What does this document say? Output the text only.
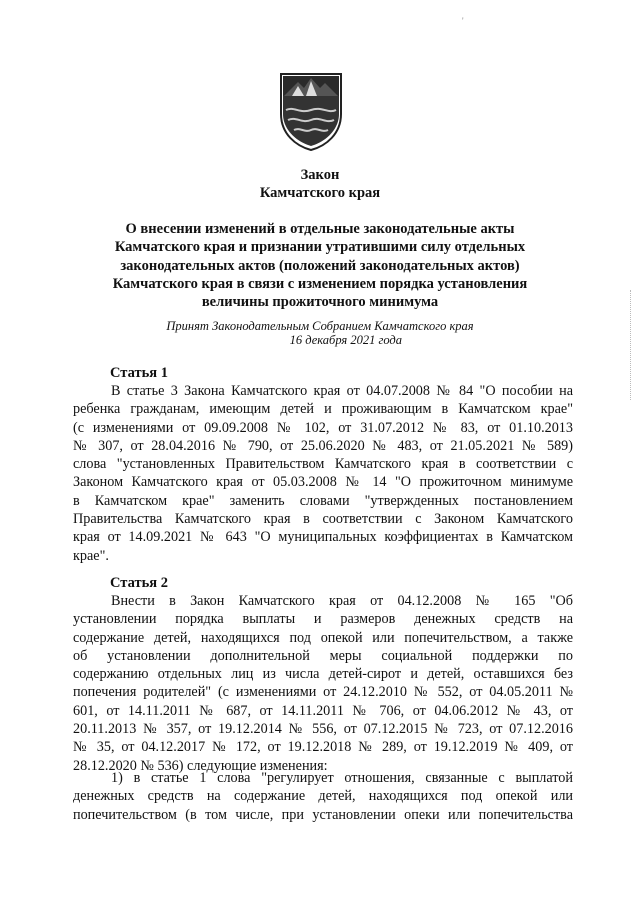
'
Закон
Камчатского края
О внесении изменений в отдельные законодательные акты
Камчатского края и признании утратившими силу отдельных
законодательных актов (положений законодательных актов)
Камчатского края в связи с изменением порядка установления
величины прожиточного минимума
Принят Законодательным Собранием Камчатского края
16 декабря 2021 года
Статья 1
В статье 3 Закона Камчатского края от 04.07.2008 № 84 "О пособии на
ребенка гражданам, имеющим детей и проживающим в Камчатском крае"
(с изменениями от 09.09.2008 № 102, от 31.07.2012 № 83, от 01.10.2013
№ 307, от 28.04.2016 № 790, от 25.06.2020 № 483, от 21.05.2021 № 589)
слова "установленных Правительством Камчатского края в соответствии с
Законом Камчатского края от 05.03.2008 № 14 "О прожиточном минимуме
в Камчатском крае" заменить словами "утвержденных постановлением
Правительства Камчатского края в соответствии с Законом Камчатского
края от 14.09.2021 № 643 "О муниципальных коэффициентах в Камчатском
крае".
Статья 2
Внести в Закон Камчатского края от 04.12.2008 № 165 "Об
установлении порядка выплаты и размеров денежных средств на
содержание детей, находящихся под опекой или попечительством, а также
об установлении дополнительной меры социальной поддержки по
содержанию отдельных лиц из числа детей-сирот и детей, оставшихся без
попечения родителей" (с изменениями от 24.12.2010 № 552, от 04.05.2011 №
601, от 14.11.2011 № 687, от 14.11.2011 № 706, от 04.06.2012 № 43, от
20.11.2013 № 357, от 19.12.2014 № 556, от 07.12.2015 № 723, от 07.12.2016
№ 35, от 04.12.2017 № 172, от 19.12.2018 № 289, от 19.12.2019 № 409, от
28.12.2020 № 536) следующие изменения:
1) в статье 1 слова "регулирует отношения, связанные с выплатой
денежных средств на содержание детей, находящихся под опекой или
попечительством (в том числе, при установлении опеки или попечительства
